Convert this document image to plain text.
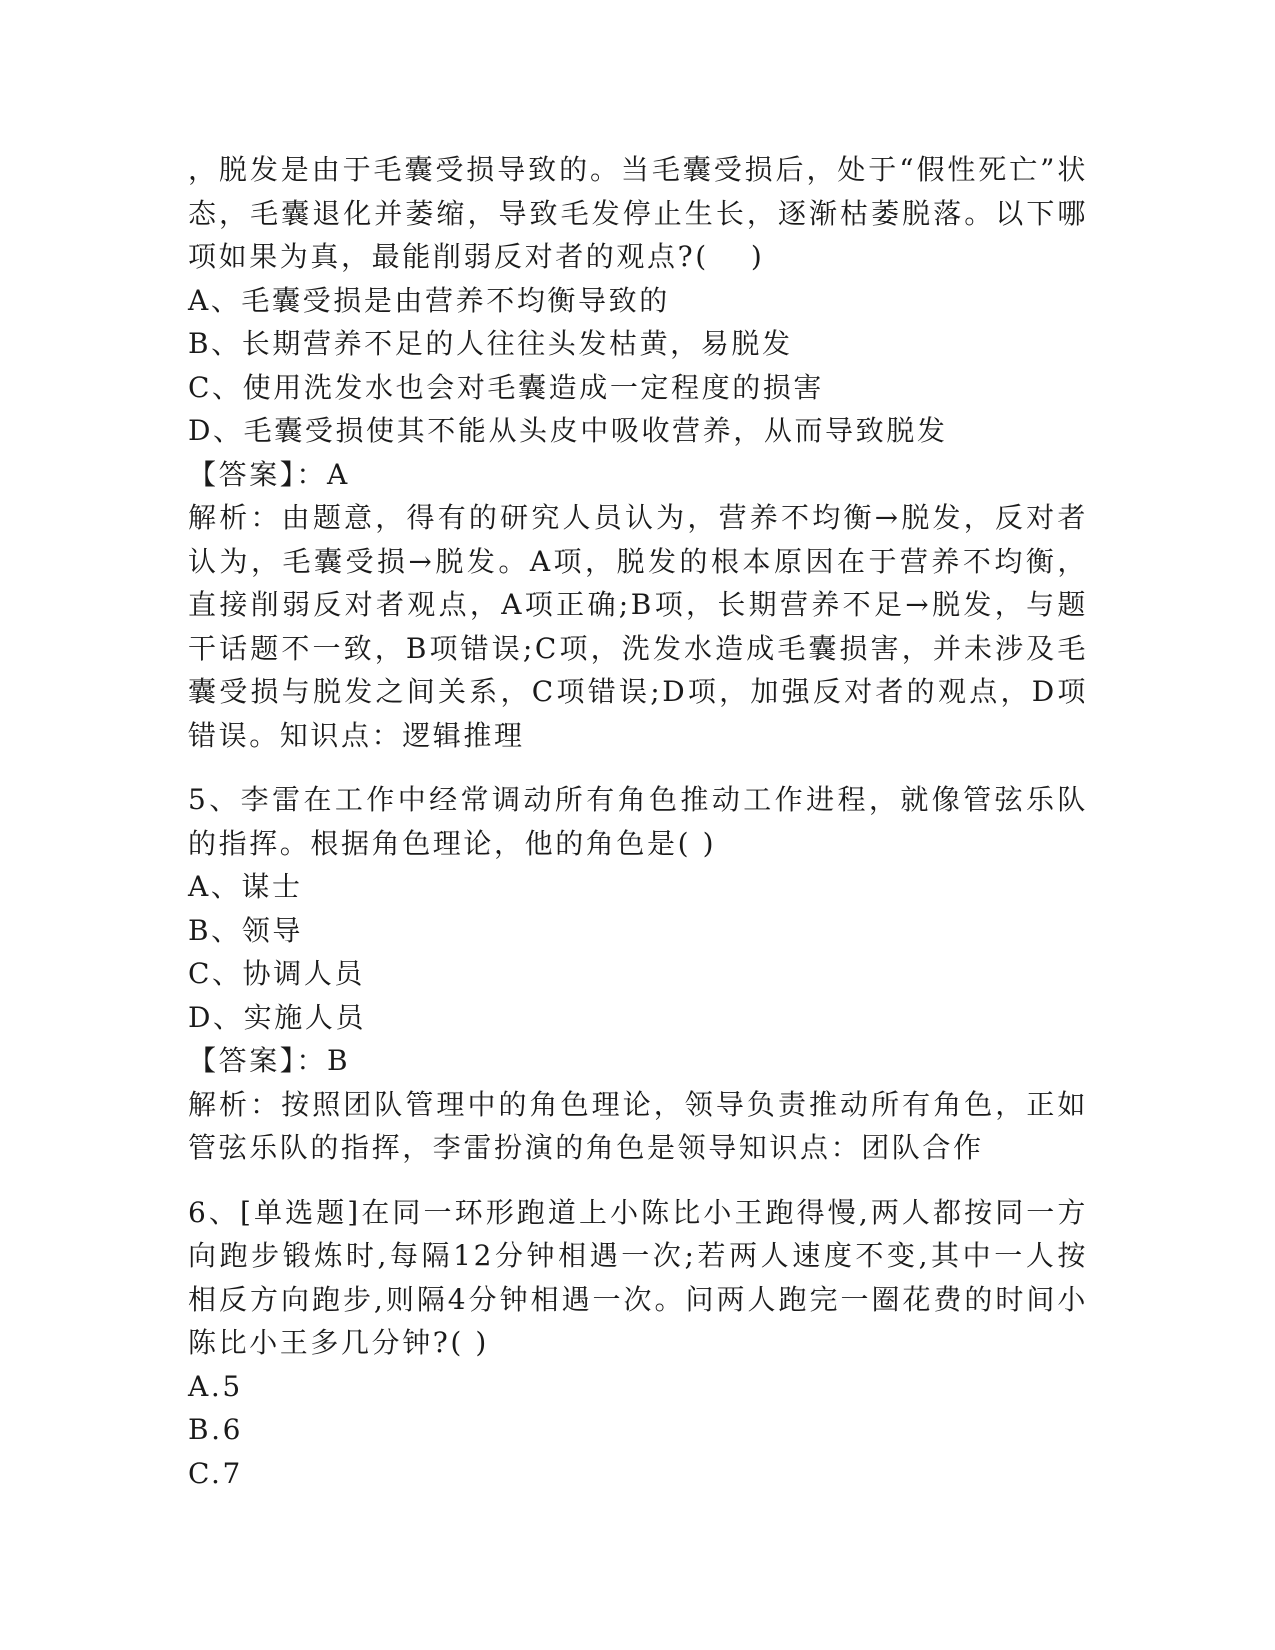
，脱发是由于毛囊受损导致的。当毛囊受损后，处于“假性死亡”状态，毛囊退化并萎缩，导致毛发停止生长，逐渐枯萎脱落。以下哪项如果为真，最能削弱反对者的观点?(　 )

A、毛囊受损是由营养不均衡导致的

B、长期营养不足的人往往头发枯黄，易脱发

C、使用洗发水也会对毛囊造成一定程度的损害

D、毛囊受损使其不能从头皮中吸收营养，从而导致脱发

【答案】：A

解析：由题意，得有的研究人员认为，营养不均衡→脱发，反对者认为，毛囊受损→脱发。A项，脱发的根本原因在于营养不均衡，直接削弱反对者观点，A项正确;B项，长期营养不足→脱发，与题干话题不一致，B项错误;C项，洗发水造成毛囊损害，并未涉及毛囊受损与脱发之间关系，C项错误;D项，加强反对者的观点，D项错误。知识点：逻辑推理

5、李雷在工作中经常调动所有角色推动工作进程，就像管弦乐队的指挥。根据角色理论，他的角色是( )

A、谋士

B、领导

C、协调人员

D、实施人员

【答案】：B

解析：按照团队管理中的角色理论，领导负责推动所有角色，正如管弦乐队的指挥，李雷扮演的角色是领导知识点：团队合作

6、[单选题]在同一环形跑道上小陈比小王跑得慢,两人都按同一方向跑步锻炼时,每隔12分钟相遇一次;若两人速度不变,其中一人按相反方向跑步,则隔4分钟相遇一次。问两人跑完一圈花费的时间小陈比小王多几分钟?( )

A.5

B.6

C.7
